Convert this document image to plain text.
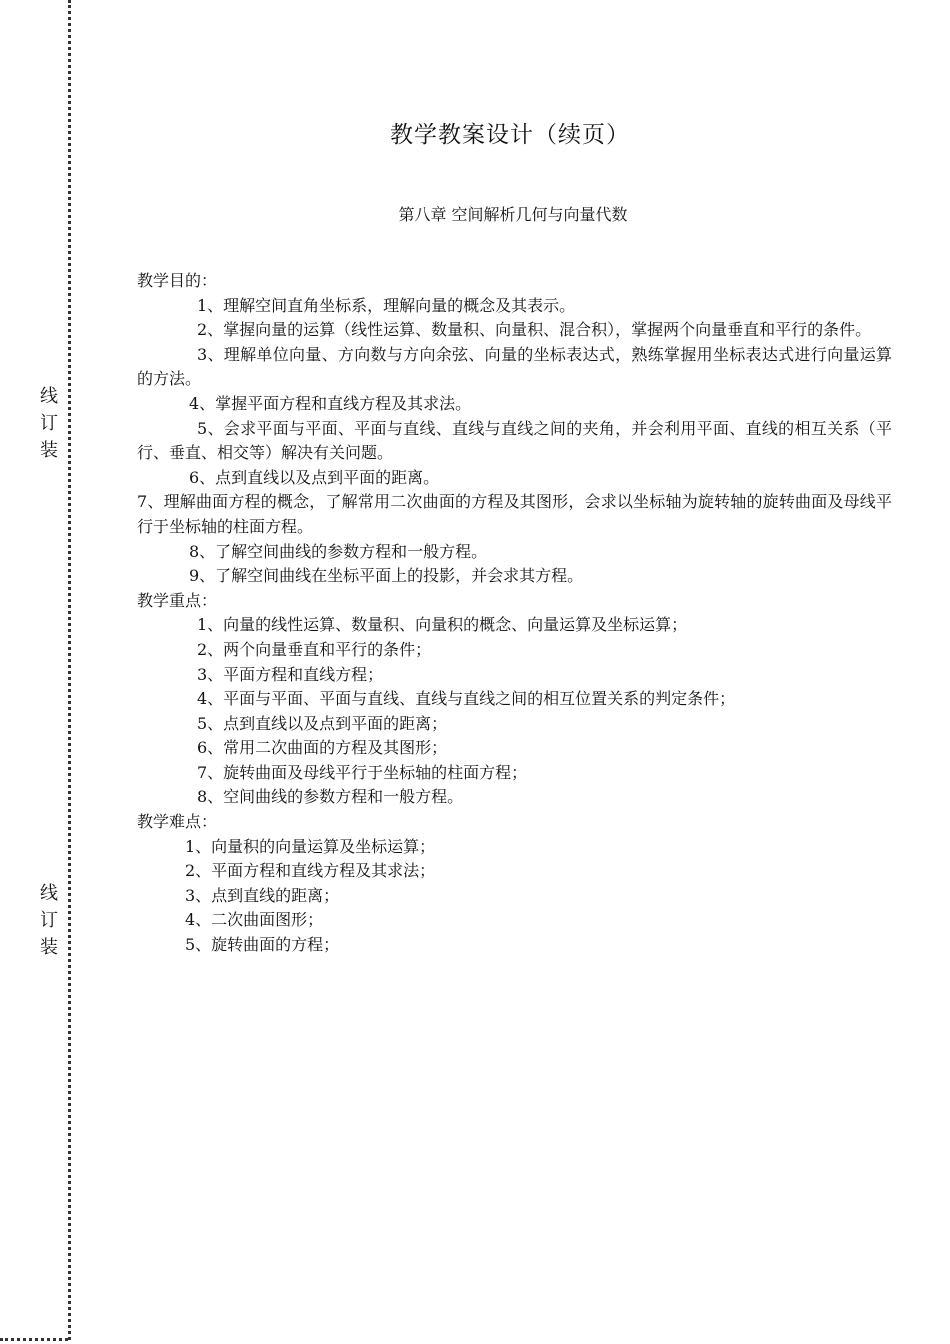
线
订
装
线
订
装
教学教案设计（续页）
第八章 空间解析几何与向量代数

教学目的：

1、理解空间直角坐标系，理解向量的概念及其表示。

2、掌握向量的运算（线性运算、数量积、向量积、混合积），掌握两个向量垂直和平行的条件。

3、理解单位向量、方向数与方向余弦、向量的坐标表达式，熟练掌握用坐标表达式进行向量运算的方法。

4、掌握平面方程和直线方程及其求法。

5、会求平面与平面、平面与直线、直线与直线之间的夹角，并会利用平面、直线的相互关系（平行、垂直、相交等）解决有关问题。

6、点到直线以及点到平面的距离。

7、理解曲面方程的概念，了解常用二次曲面的方程及其图形，会求以坐标轴为旋转轴的旋转曲面及母线平行于坐标轴的柱面方程。

8、了解空间曲线的参数方程和一般方程。

9、了解空间曲线在坐标平面上的投影，并会求其方程。

教学重点：

1、向量的线性运算、数量积、向量积的概念、向量运算及坐标运算；

2、两个向量垂直和平行的条件；

3、平面方程和直线方程；

4、平面与平面、平面与直线、直线与直线之间的相互位置关系的判定条件；

5、点到直线以及点到平面的距离；

6、常用二次曲面的方程及其图形；

7、旋转曲面及母线平行于坐标轴的柱面方程；

8、空间曲线的参数方程和一般方程。

教学难点：

1、向量积的向量运算及坐标运算；

2、平面方程和直线方程及其求法；

3、点到直线的距离；

4、二次曲面图形；

5、旋转曲面的方程；
